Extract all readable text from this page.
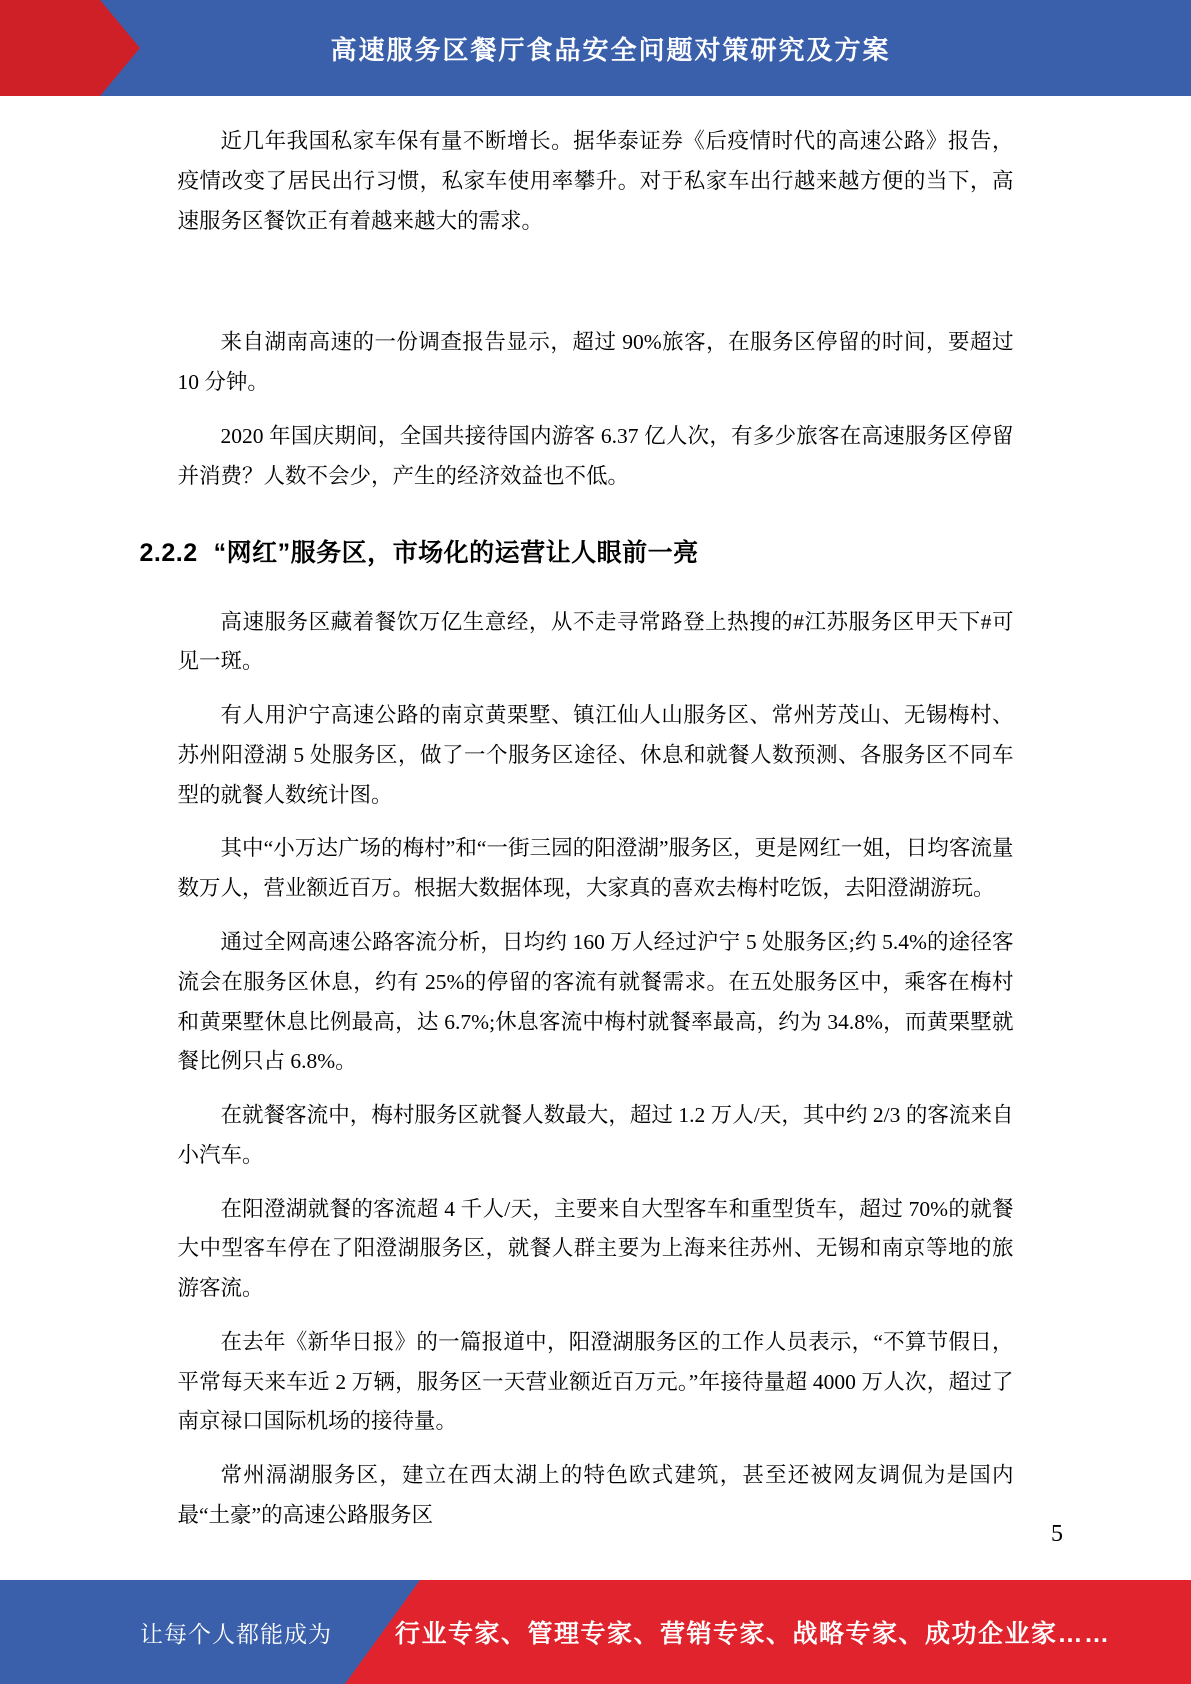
高速服务区餐厅食品安全问题对策研究及方案

近几年我国私家车保有量不断增长。据华泰证券《后疫情时代的高速公路》报告，疫情改变了居民出行习惯，私家车使用率攀升。对于私家车出行越来越方便的当下，高速服务区餐饮正有着越来越大的需求。

来自湖南高速的一份调查报告显示，超过 90%旅客，在服务区停留的时间，要超过 10 分钟。

2020 年国庆期间，全国共接待国内游客 6.37 亿人次，有多少旅客在高速服务区停留并消费？人数不会少，产生的经济效益也不低。

2.2.2 “网红”服务区，市场化的运营让人眼前一亮

高速服务区藏着餐饮万亿生意经，从不走寻常路登上热搜的#江苏服务区甲天下#可见一斑。

有人用沪宁高速公路的南京黄栗墅、镇江仙人山服务区、常州芳茂山、无锡梅村、苏州阳澄湖 5 处服务区，做了一个服务区途径、休息和就餐人数预测、各服务区不同车型的就餐人数统计图。

其中“小万达广场的梅村”和“一街三园的阳澄湖”服务区，更是网红一姐，日均客流量数万人，营业额近百万。根据大数据体现，大家真的喜欢去梅村吃饭，去阳澄湖游玩。

通过全网高速公路客流分析，日均约 160 万人经过沪宁 5 处服务区;约 5.4%的途径客流会在服务区休息，约有 25%的停留的客流有就餐需求。在五处服务区中，乘客在梅村和黄栗墅休息比例最高，达 6.7%;休息客流中梅村就餐率最高，约为 34.8%，而黄栗墅就餐比例只占 6.8%。

在就餐客流中，梅村服务区就餐人数最大，超过 1.2 万人/天，其中约 2/3 的客流来自小汽车。

在阳澄湖就餐的客流超 4 千人/天，主要来自大型客车和重型货车，超过 70%的就餐大中型客车停在了阳澄湖服务区，就餐人群主要为上海来往苏州、无锡和南京等地的旅游客流。

在去年《新华日报》的一篇报道中，阳澄湖服务区的工作人员表示，“不算节假日，平常每天来车近 2 万辆，服务区一天营业额近百万元。”年接待量超 4000 万人次，超过了南京禄口国际机场的接待量。

常州滆湖服务区，建立在西太湖上的特色欧式建筑，甚至还被网友调侃为是国内最“土豪”的高速公路服务区

5
让每个人都能成为	行业专家、管理专家、营销专家、战略专家、成功企业家……
